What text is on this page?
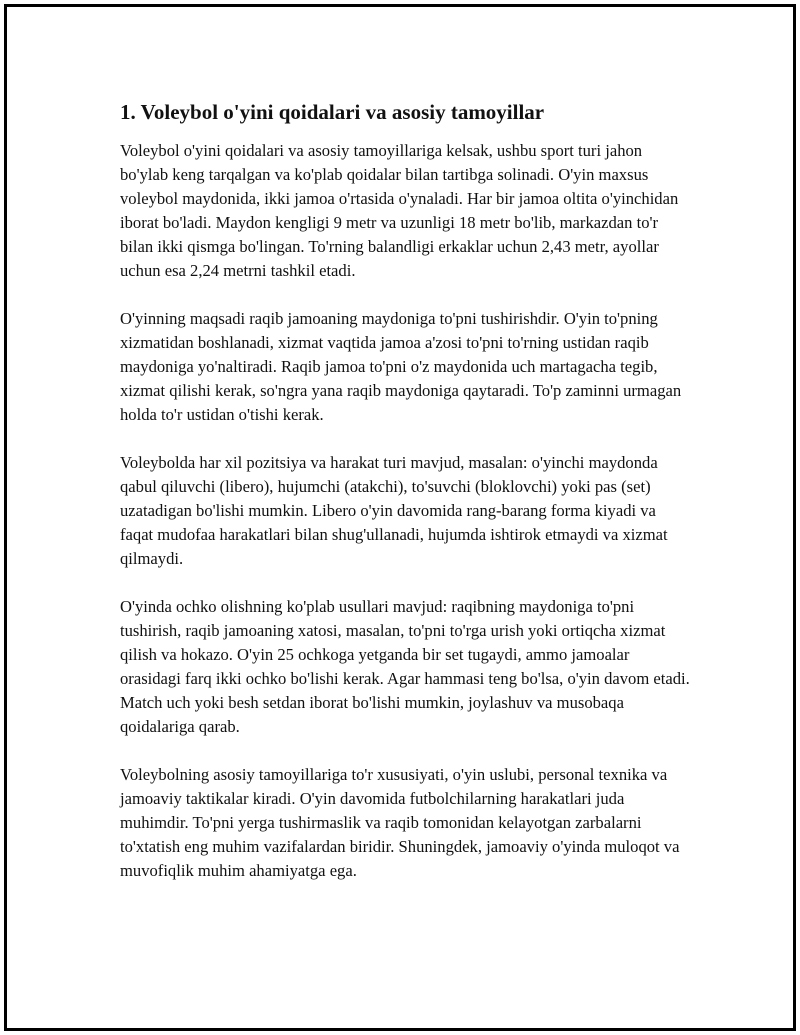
1. Voleybol o'yini qoidalari va asosiy tamoyillar

Voleybol o'yini qoidalari va asosiy tamoyillariga kelsak, ushbu sport turi jahon bo'ylab keng tarqalgan va ko'plab qoidalar bilan tartibga solinadi. O'yin maxsus voleybol maydonida, ikki jamoa o'rtasida o'ynaladi. Har bir jamoa oltita o'yinchidan iborat bo'ladi. Maydon kengligi 9 metr va uzunligi 18 metr bo'lib, markazdan to'r bilan ikki qismga bo'lingan. To'rning balandligi erkaklar uchun 2,43 metr, ayollar uchun esa 2,24 metrni tashkil etadi.

O'yinning maqsadi raqib jamoaning maydoniga to'pni tushirishdir. O'yin to'pning xizmatidan boshlanadi, xizmat vaqtida jamoa a'zosi to'pni to'rning ustidan raqib maydoniga yo'naltiradi. Raqib jamoa to'pni o'z maydonida uch martagacha tegib, xizmat qilishi kerak, so'ngra yana raqib maydoniga qaytaradi. To'p zaminni urmagan holda to'r ustidan o'tishi kerak.

Voleybolda har xil pozitsiya va harakat turi mavjud, masalan: o'yinchi maydonda qabul qiluvchi (libero), hujumchi (atakchi), to'suvchi (bloklovchi) yoki pas (set) uzatadigan bo'lishi mumkin. Libero o'yin davomida rang-barang forma kiyadi va faqat mudofaa harakatlari bilan shug'ullanadi, hujumda ishtirok etmaydi va xizmat qilmaydi.

O'yinda ochko olishning ko'plab usullari mavjud: raqibning maydoniga to'pni tushirish, raqib jamoaning xatosi, masalan, to'pni to'rga urish yoki ortiqcha xizmat qilish va hokazo. O'yin 25 ochkoga yetganda bir set tugaydi, ammo jamoalar orasidagi farq ikki ochko bo'lishi kerak. Agar hammasi teng bo'lsa, o'yin davom etadi. Match uch yoki besh setdan iborat bo'lishi mumkin, joylashuv va musobaqa qoidalariga qarab.

Voleybolning asosiy tamoyillariga to'r xususiyati, o'yin uslubi, personal texnika va jamoaviy taktikalar kiradi. O'yin davomida futbolchilarning harakatlari juda muhimdir. To'pni yerga tushirmaslik va raqib tomonidan kelayotgan zarbalarni to'xtatish eng muhim vazifalardan biridir. Shuningdek, jamoaviy o'yinda muloqot va muvofiqlik muhim ahamiyatga ega.
